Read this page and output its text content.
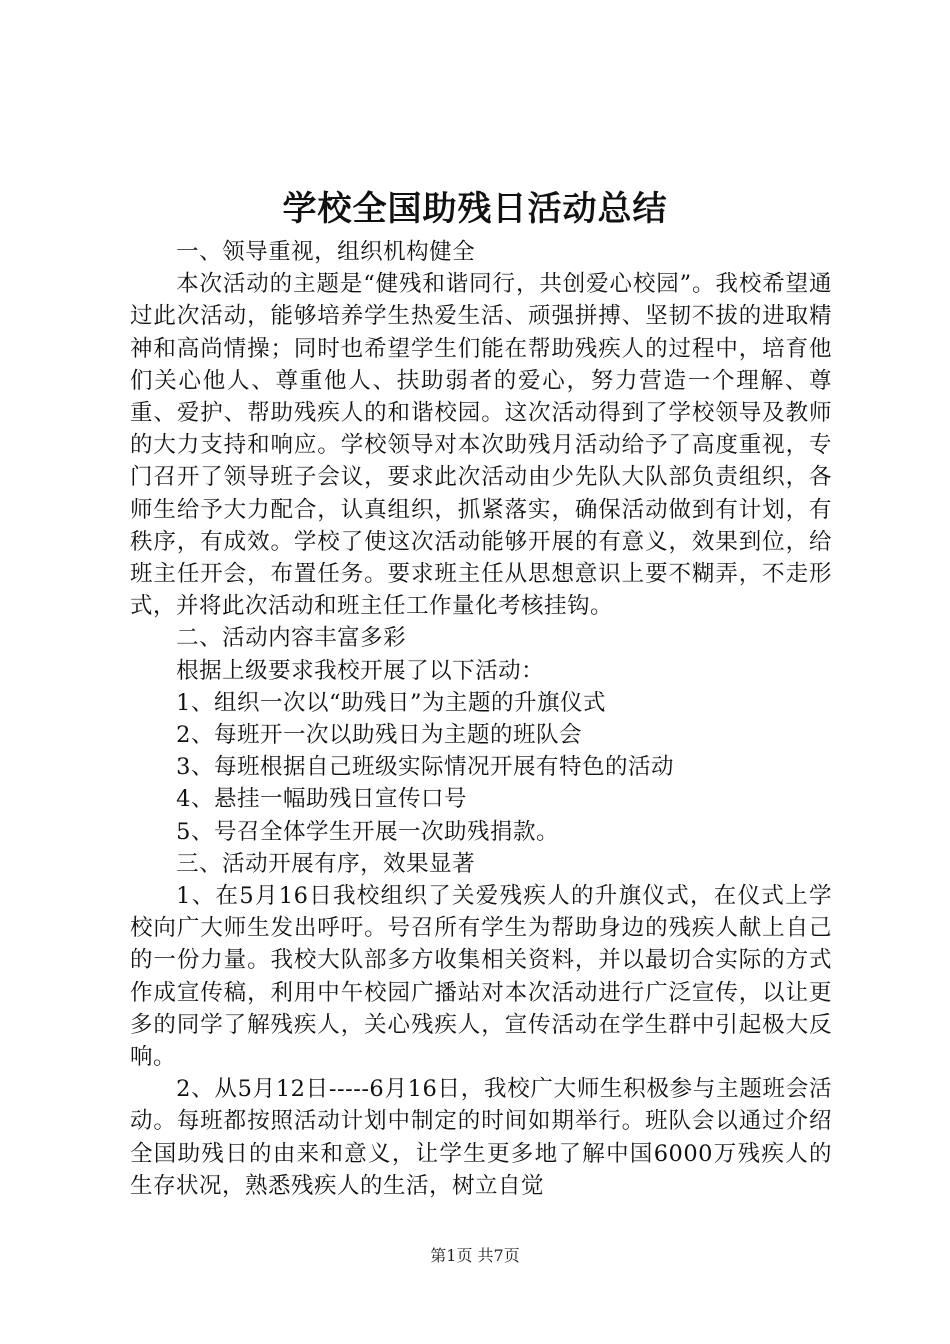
学校全国助残日活动总结

一、领导重视，组织机构健全

本次活动的主题是“健残和谐同行，共创爱心校园”。我校希望通过此次活动，能够培养学生热爱生活、顽强拼搏、坚韧不拔的进取精神和高尚情操；同时也希望学生们能在帮助残疾人的过程中，培育他们关心他人、尊重他人、扶助弱者的爱心，努力营造一个理解、尊重、爱护、帮助残疾人的和谐校园。这次活动得到了学校领导及教师的大力支持和响应。学校领导对本次助残月活动给予了高度重视，专门召开了领导班子会议，要求此次活动由少先队大队部负责组织，各师生给予大力配合，认真组织，抓紧落实，确保活动做到有计划，有秩序，有成效。学校了使这次活动能够开展的有意义，效果到位，给班主任开会，布置任务。要求班主任从思想意识上要不糊弄，不走形式，并将此次活动和班主任工作量化考核挂钩。

二、活动内容丰富多彩

根据上级要求我校开展了以下活动：

1、组织一次以“助残日”为主题的升旗仪式

2、每班开一次以助残日为主题的班队会

3、每班根据自己班级实际情况开展有特色的活动

4、悬挂一幅助残日宣传口号

5、号召全体学生开展一次助残捐款。

三、活动开展有序，效果显著

1、在5月16日我校组织了关爱残疾人的升旗仪式，在仪式上学校向广大师生发出呼吁。号召所有学生为帮助身边的残疾人献上自己的一份力量。我校大队部多方收集相关资料，并以最切合实际的方式作成宣传稿，利用中午校园广播站对本次活动进行广泛宣传，以让更多的同学了解残疾人，关心残疾人，宣传活动在学生群中引起极大反响。

2、从5月12日-----6月16日，我校广大师生积极参与主题班会活动。每班都按照活动计划中制定的时间如期举行。班队会以通过介绍全国助残日的由来和意义，让学生更多地了解中国6000万残疾人的生存状况，熟悉残疾人的生活，树立自觉

第1页 共7页
